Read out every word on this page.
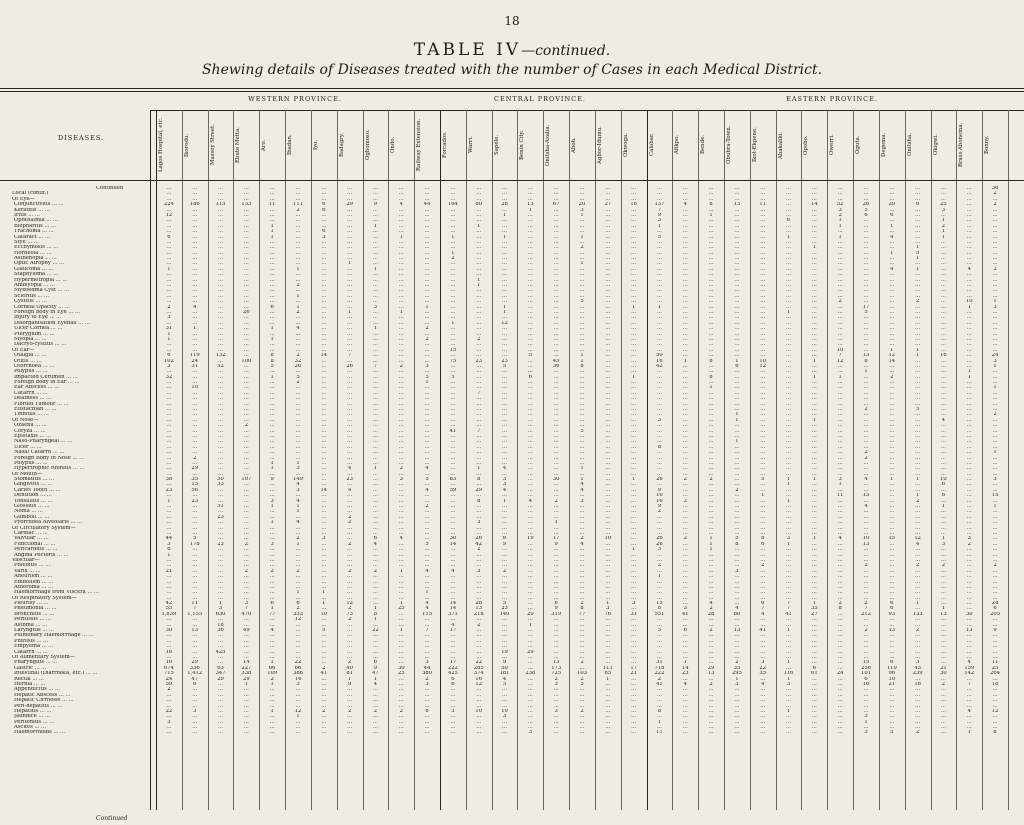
18
TABLE IV—continued.
Shewing details of Diseases treated with the number of Cases in each Medical District.
WESTERN PROVINCE.	CENTRAL PROVINCE.	EASTERN PROVINCE.
DISEASES.	Lagos Hospital, etc.	Ikorodu.	Massey Street.	Ebute Metta.	Aro.	Ibadan.	Iyo.	Badagry.	Ogbomoso.	Ondo.	Railway Extension.	Forcados.	Warri.	Sapele.	Benin City.	Onitsha-Asaba.	Aboh.	Agbor-Idumu.	Okwoga.	Calabar.	Afikpo.	Bende.	Obubra-Town.	Ikot-Ekpene.	Abakaliki.	Opobo.	Owerri.	Oguta.	Degema.	Onitsha.	Okigwi.	Brass Abonema.	Bonny.
Continued	...	...	...	...	...	...	...	...	...	...	...	...	...	...	...	...	...	...	...	...	...	...	...	...	...	...	...	...	...	...	...	...	36
Local (contd.)	...	...	...	...	...	...	...	...	...	...	...	...	...	...	...	...	...	...	...	...	...	...	...	...	...	...	...	...	...	...	...	...	2
Of Eye—	...	...	...	...	...	...	...	...	...	...	...	...	...	...	...	...	...	...	...	...	...	...	...	...	...	...	...	...	...	...	...	...	...
Conjunctivitis ... ...	224	186	115	133	11	111	6	29	9	4	44	164	80	26	13	67	20	27	16	137	4	8	13	11	...	14	52	26	29	6	25	...	2
Keratitis ... ...	...	...	...	...	...	2	6	...	...	...	...	...	...	...	1	...	3	...	...	7	...	...	...	...	...	...	3	5	...	...	3	...	...
Iritis ... ...	12	...	...	...	...	...	...	...	...	...	...	...	...	1	...	...	1	...	...	9	...	1	...	...	...	...	2	6	6	...	...	...	...
Ophthalmia ... ...	...	...	...	...	...	...	...	...	...	...	...	...	...	...	...	...	...	...	...	3	...	...	...	...	6	...	1	...	...	...	1	...	...
Blepharitis ... ...	...	...	...	...	1	...	...	...	1	...	...	...	1	...	...	...	...	...	...	1	...	...	...	...	...	...	1	...	1	...	2	...	...
Trachoma ... ...	...	...	...	...	1	...	6	...	...	...	...	...	...	...	...	...	...	...	...	...	...	...	...	...	...	...	...	...	...	...	1	...	...
Cataract ... ...	6	...	...	...	1	...	3	...	...	1	...	1	...	1	...	...	1	...	...	5	...	...	...	...	1	...	1	...	4	...	1	...	...
Stye ... ...	...	...	...	...	...	...	...	...	...	...	...	...	...	...	...	...	...	...	...	...	...	...	...	...	...	...	...	...	...	...	...	...	...
Ecchymosis ... ...	...	...	...	...	...	...	...	...	...	...	...	...	...	...	...	...	2	...	...	...	...	...	...	...	...	1	...	...	...	1	...	...	...
Hordeola ... ...	...	...	...	...	...	...	...	...	...	...	...	1	...	...	...	...	...	...	...	...	...	...	...	...	...	...	...	...	1	5	...	...	...
Asthenopia ... ...	...	...	...	...	...	...	...	...	...	...	...	2	...	...	...	...	...	...	...	...	...	...	...	...	...	...	...	...	...	1	...	...	...
Optic Atrophy ... ...	...	...	...	...	...	...	...	1	...	...	...	...	...	...	...	...	1	...	...	...	...	...	...	...	...	...	...	...	...	...	...	...	...
Glaucoma ... ...	1	...	...	...	...	1	...	...	1	...	...	...	...	...	...	...	...	...	...	...	...	...	...	...	...	...	...	...	4	1	...	4	2
Staphyloma ... ...	...	...	...	...	...	...	...	...	...	...	...	...	...	...	...	...	...	...	...	...	...	...	...	...	...	...	...	...	...	...	...	...	...
Hypermetropia ... ...	...	...	...	...	...	...	...	...	...	...	...	...	1	...	...	...	...	...	...	...	...	...	...	...	...	...	...	...	...	...	...	...	...
Amblyopia ... ...	...	...	...	...	...	2	...	...	...	...	...	...	1	...	...	...	...	...	...	...	...	...	...	...	...	...	...	...	...	...	...	...	...
Myxoedma Cyst ... ...	...	...	...	...	...	...	...	...	...	...	...	...	...	...	...	...	...	...	...	...	...	...	...	...	...	...	...	...	...	...	...	...	...
Scleritis ... ...	...	...	...	...	...	1	...	...	...	...	...	...	...	...	...	...	...	...	...	...	...	...	...	...	...	...	...	...	...	...	...	...	...
Cystitis ... ...	...	...	...	...	...	...	...	...	...	...	...	...	...	...	...	...	5	...	...	...	...	...	...	...	...	...	2	...	...	2	...	10	1
Corneal Opacity ... ...	2	4	...	...	6	1	...	...	3	...	1	...	...	1	...	...	...	...	1	1	...	...	...	...	...	...	...	17	...	...	...	1	3
Foreign body in Eye ... ...	...	...	...	26	...	2	...	1	...	1	...	...	...	1	...	...	...	...	...	...	...	...	...	...	1	...	...	5	...	...	...	...	...
Injury to Eye ... ...	3	...	...	...	...	...	...	...	...	...	...	...	...	...	...	...	...	...	...	...	...	...	...	...	...	...	...	...	...	...	...	...	...
Disorganisation Eyeball ... ...	...	...	...	...	...	...	...	...	...	...	...	1	...	12	...	...	...	...	...	...	...	...	...	...	...	...	...	...	...	...	...	...	...
Ulcer Cornea ... ...	31	1	...	...	1	4	...	...	1	...	2	...	...	...	...	...	...	...	...	...	...	...	...	...	...	...	...	...	...	...	...	...	...
Pterygium ... ...	1	...	...	...	...	...	...	...	...	...	...	...	...	...	...	...	...	...	...	...	...	...	...	...	...	...	...	...	...	...	...	...	...
Myopia ... ...	1	...	...	...	1	...	...	...	...	...	2	...	2	...	...	...	...	...	...	...	...	...	...	...	...	...	...	...	...	...	...	...	...
Dacryo-cystitis ... ...	...	...	...	...	...	...	...	...	...	...	...	...	...	...	...	...	...	...	...	...	...	...	...	...	...	...	...	...	...	...	...	...	...
Of Ear—	...	...	...	...	...	...	...	...	...	...	...	15	...	...	...	...	...	...	...	...	...	...	...	...	...	...	10	...	1	1	...	...	...
Otalgia ... ...	6	119	132	...	8	2	14	7	...	...	...	...	...	...	5	...	1	...	...	50	...	...	...	...	...	...	7	13	12	1	16	...	24
Otitis ... ...	102	24	...	100	8	32	...	...	...	...	...	75	23	23	...	45	1	...	...	16	1	8	1	10	...	1	12	8	14	...	...	...	3
Otorrhoea ... ...	3	31	52	...	5	26	...	26	7	2	3	...	...	5	...	36	8	...	...	42	...	...	6	12	...	...	...	...	...	...	...	...	1
Polypus ... ...	...	...	...	...	...	...	...	...	...	...	...	...	...	...	...	...	...	...	...	...	...	...	...	...	...	...	...	1	...	...	...	1	...
Impacted Cerumen ... ...	32	...	...	...	1	5	...	...	...	...	5	5	...	...	6	...	...	...	1	...	...	8	...	...	...	1	1	...	2	...	...	1	...
Foreign body in Ear ... ...	...	...	...	...	...	2	...	...	...	...	1	...	...	...	...	...	...	...	...	...	...	...	...	...	...	...	...	...	...	...	...	...	...
Ear Abscess ... ...	...	10	...	...	...	...	...	...	...	...	...	...	...	...	...	...	...	...	...	...	...	1	...	...	...	...	...	...	...	...	...	...	1
Catarrh ... ...	...	...	...	...	...	...	...	...	...	...	...	...	7	...	...	...	...	...	...	...	...	...	...	...	...	...	...	...	...	...	...	...	...
Deafness ... ...	...	...	...	...	...	...	...	...	...	...	...	...	...	...	...	...	...	...	...	...	...	...	...	...	...	...	...	...	...	...	...	...	...
Fibroid Tumour ... ...	...	...	...	...	...	...	...	...	...	...	...	...	...	...	...	...	...	...	...	...	...	...	...	...	...	...	...	...	...	...	...	...	...
Eustachian ... ...	...	...	...	...	...	...	...	...	...	...	...	...	...	...	...	...	...	...	...	...	...	...	...	...	...	...	...	2	...	5	...	...	...
Tinnitus ... ...	...	...	...	...	...	...	...	...	...	...	...	...	...	...	...	...	...	...	...	...	...	...	1	...	...	...	...	...	...	...	...	...	2
Of Nose—	...	...	...	...	...	...	...	...	...	...	...	...	...	...	...	...	...	...	...	3	...	...	1	...	...	1	...	...	...	...	4	...	...
Ozaena ... ...	...	...	...	2	...	...	...	...	...	...	...	...	...	...	...	...	...	...	...	...	...	...	...	...	...	...	...	...	...	...	...	...	...
Coryza ... ...	...	...	...	...	...	...	...	...	...	...	...	41	7	...	...	...	5	...	...	...	...	...	...	...	...	...	...	...	...	...	...	...	...
Epistaxis ... ...	...	...	...	...	...	...	...	...	...	...	...	...	...	...	...	...	...	...	...	...	...	...	...	...	...	...	...	...	...	...	...	...	...
Naso-Pharyngeal ... ...	...	...	...	...	...	...	...	...	...	...	...	...	...	...	...	...	...	...	...	...	...	...	1	...	...	...	...	...	...	...	...	...	...
Ulcer ... ...	...	...	...	...	...	...	...	...	...	...	...	...	...	...	...	...	...	...	...	8	...	...	...	...	...	...	...	...	...	...	...	...	...
Nasal Catarrh ... ...	...	...	...	...	...	...	...	...	...	...	...	...	...	...	...	...	...	...	...	...	...	...	...	...	...	...	...	2	...	...	...	...	1
Foreign Body in Nose ... ...	...	2	...	...	...	...	...	...	...	...	...	...	...	...	...	...	...	...	...	...	...	...	...	...	...	...	...	2	...	...	...	...	...
Polypus ... ...	...	...	...	...	1	1	...	...	...	...	...	...	...	...	...	...	...	...	...	...	...	...	...	...	...	...	...	...	...	...	...	...	...
Hypertrophic Rhinitis ... ...	...	29	...	...	1	3	...	4	1	2	4	...	1	4	...	...	1	...	...	...	...	...	...	...	...	...	...	...	...	...	...	...	...
Of Mouth—	...	...	...	...	...	...	...	...	...	...	...	...	...	...	...	...	...	...	...	...	...	...	...	...	...	...	...	...	...	...	...	...	...
Stomatitis ... ...	38	35	50	107	9	149	...	23	...	3	5	83	8	3	...	30	1	...	1	26	2	2	...	5	1	1	3	4	1	1	10	...	3
Gingivitis ... ...	...	15	33	...	...	4	...	...	...	...	...	...	...	3	...	...	4	...	...	...	...	...	...	...	1	...	1	...	...	...	6	...	...
Caries Tooth ... ...	23	56	...	...	...	3	14	4	...	...	4	59	29	4	...	...	4	...	...	9	...	...	2	...	...	...	...	...	...	...	...	...	...
Dentition ... ...	...	...	...	...	...	...	...	...	...	...	...	...	...	...	...	...	...	...	...	10	...	...	...	1	...	...	11	15	...	1	6	...	15
Tonsillitis ... ...	1	23	...	...	3	4	...	...	...	...	...	...	8	1	4	2	3	...	...	16	2	...	...	...	1	...	...	...	...	2	...	...	...
Glossitis ... ...	...	...	51	...	1	1	...	...	...	...	2	...	...	...	...	...	...	...	...	9	...	...	...	...	...	...	...	4	...	...	1	...	1
Noma ... ...	...	...	...	...	...	1	...	...	...	...	...	...	...	...	...	...	...	...	...	2	...	...	...	...	...	...	...	...	...	...	...	...	...
Gumboil ... ...	...	...	23	...	...	...	...	2	...	...	...	...	...	...	...	...	...	...	...	...	...	...	...	...	...	...	...	...	...	...	...	...	...
Pyorrhoea Alveolaris ... ...	...	...	...	...	1	4	...	2	...	...	...	...	3	...	...	1	...	...	...	...	...	...	...	...	...	...	...	...	...	...	...	...	...
Of Circulatory System—	...	...	...	...	...	...	...	...	...	...	...	...	...	...	...	...	...	...	...	...	...	...	...	...	...	...	...	...	...	...	...	...	...
Cardiac ... ...	...	...	...	...	...	...	...	...	...	...	...	...	...	...	...	...	...	...	...	...	...	...	...	...	...	...	...	...	...	...	...	...	...
Valvular ... ...	44	5	...	...	...	2	3	...	6	4	...	30	26	6	19	17	2	10	...	26	2	1	5	8	3	1	4	10	15	12	1	3	...
Functional ... ...	3	178	23	2	3	1	...	2	4	...	5	14	42	9	...	9	4	...	...	26	...	1	8	6	1	...	...	13	...	4	3	2	...
Pericarditis ... ...	6	...	...	...	...	...	...	...	...	...	...	...	2	...	...	...	...	...	1	3	...	1	...	...	...	...	...	...	...	...	...	...	...
Angina Pectoris ... ...	1	...	...	...	...	...	...	...	...	...	...	...	...	...	...	...	...	...	...	...	...	...	...	...	...	...	...	...	...	...	...	...	...
Vascular—	...	...	...	...	...	...	...	...	...	...	...	...	...	...	...	...	...	...	...	...	...	...	...	...	...	...	...	...	...	...	...	...	...
Phlebitis ... ...	...	...	...	...	...	...	...	...	...	...	...	...	...	...	...	...	...	...	...	2	...	...	...	2	...	...	...	2	...	2	2	...	2
Varix ... ...	21	...	...	2	2	2	...	2	2	1	4	4	3	2	...	...	...	...	...	...	...	...	3	...	...	...	...	...	...	...	...	...	...
Aneurism ... ...	...	...	...	...	...	...	...	...	...	...	...	...	...	...	...	...	...	...	...	1	...	...	...	...	...	...	...	...	...	...	...	...	...
Embolism ... ...	...	...	...	...	...	...	...	...	...	...	...	...	...	...	...	...	...	...	...	...	...	...	...	...	...	...	...	...	...	...	...	...	...
Atheroma ... ...	...	...	...	...	...	...	...	...	...	...	...	...	...	...	...	...	...	...	...	...	...	...	...	...	...	...	...	...	...	...	...	...	...
Haemorrhage from Viscera ... ...	...	...	...	...	...	1	1	...	...	...	1	...	...	...	...	...	...	...	...	...	...	...	...	...	...	...	...	...	...	...	...	...	...
Of Respiratory System—	...	...	...	...	...	...	...	...	...	...	...	...	...	...	...	...	...	...	...	...	...	...	...	...	...	...	...	...	...	...	...	...	...
Pleurisy ... ...	42	11	1	3	6	6	1	12	...	1	4	14	28	5	...	6	2	1	3	15	...	4	...	6	7	1	2	2	6	1	...	...	24
Pneumonia ... ...	55	7	3	7	1	2	...	2	1	25	4	14	13	23	...	9	8	3	...	8	3	2	4	7	7	35	8	7	6	...	1	...	6
Bronchitis ... ...	1,839	1,155	630	470	77	333	10	73	8	...	115	371	218	140	20	319	77	76	31	551	41	28	80	4	41	27	...	212	93	133	13	30	205
Pertussis ... ...	...	...	...	...	...	12	...	2	1	...	...	...	...	...	...	...	...	...	...	...	...	...	...	...	...	...	...	...	...	...	...	...	...
Asthma ... ...	...	...	18	...	...	...	...	...	...	...	...	4	2	...	1	...	...	...	...	...	...	...	...	...	...	...	...	...	...	...	...	...	...
Laryngitis ... ...	30	13	36	49	4	...	5	...	22	1	7	17	...	...	...	...	...	...	...	5	6	2	13	41	1	...	...	2	13	2	...	13	9
Pulmonary Haemorrhage ... ...	...	...	...	...	...	...	...	...	...	...	...	...	...	...	...	...	...	...	...	...	...	...	...	...	...	...	...	...	...	...	...	...	...
Phthisis ... ...	...	...	...	...	...	...	...	...	...	...	...	...	...	...	...	...	...	...	...	...	...	...	...	...	...	...	...	...	...	...	...	...	...
Empyema ... ...	...	...	...	...	...	...	...	...	...	...	...	...	...	...	...	...	...	...	...	...	...	...	...	...	...	...	...	...	...	...	...	...	...
Catarrh ... ...	16	...	425	...	...	...	...	...	...	...	...	...	...	19	29	...	...	...	...	...	...	...	...	...	...	...	...	...	...	...	...	...	...
Of Alimentary System—	...	...	...	...	...	...	...	...	...	...	...	...	...	...	...	...	...	...	...	...	...	...	...	...	...	...	...	...	...	...	...	...	...
Pharyngitis ... ...	16	29	...	14	1	22	...	2	6	...	3	17	22	9	...	13	2	...	...	31	1	...	2	3	1	...	...	15	6	3	...	4	11
Gastric ... ...	674	336	63	227	66	66	2	40	9	30	44	222	285	50	...	173	...	111	17	718	14	29	35	22	...	6	...	256	110	43	21	159	25
Intestinal (Diarrhoea, etc.) ... ...	715	1,412	347	338	109	386	41	81	47	25	380	425	374	181	238	725	103	65	21	222	23	13	295	35	116	61	24	101	96	239	30	142	264
Rectal ... ...	24	47	29	29	2	14	...	1	1	...	2	6	16	4	...	2	2	1	...	2	...	...	1	...	1	...	...	6	10	...	...	...	...
Hernia ... ...	59	6	...	1	1	3	...	9	4	...	3	6	12	5	...	3	5	...	...	41	4	2	3	4	3	...	...	16	21	16	2	7	18
Appendicitis ... ...	2	...	...	...	...	...	...	...	...	...	...	...	...	...	...	...	...	...	...	...	...	...	...	...	...	...	...	...	...	...	...	...	...
Hepatic Abscess ... ...	...	...	...	...	...	...	...	...	...	...	...	...	...	...	...	...	...	...	...	...	...	...	...	...	...	...	...	...	...	...	...	...	...
Hepatic Cirrhosis ... ...	...	...	...	...	...	...	...	...	...	...	...	...	...	...	...	...	...	...	...	...	...	...	...	...	...	...	...	...	...	...	...	...	...
Peri-hepatitis ... ...	...	...	...	...	...	...	...	...	...	...	...	...	...	...	...	...	...	...	...	...	...	...	...	...	...	...	...	...	...	...	...	...	...
Hepatitis ... ...	22	3	...	...	1	12	2	2	2	2	6	3	10	10	...	3	2	...	...	8	...	...	...	...	1	...	...	...	...	...	...	4	12
Jaundice ... ...	...	...	...	...	...	1	...	...	...	...	...	...	...	3	...	...	...	...	...	...	...	...	...	...	...	...	...	3	...	...	...	...	...
Peritonitis ... ...	3	...	...	...	...	...	...	...	...	...	...	...	...	...	...	...	...	...	...	1	...	...	...	...	...	...	...	1	...	...	...	...	...
Ascites ... ...	...	...	...	...	...	...	...	...	...	...	...	...	...	...	...	...	...	...	...	...	...	...	...	...	...	...	...	...	...	...	...	...	...
Haemorrhoids ... ...	...	...	...	...	...	...	...	...	...	...	...	...	...	...	3	...	...	...	...	11	...	...	...	...	...	...	...	3	5	2	...	1	8
Continued
